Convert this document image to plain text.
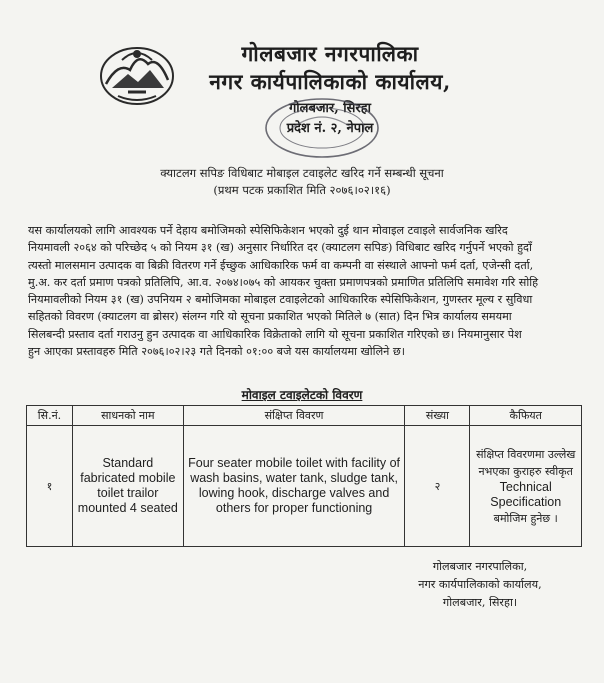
गोलबजार नगरपालिका
नगर कार्यपालिकाको कार्यालय,
गोलबजार, सिरहा
प्रदेश नं. २, नेपाल
क्याटलग सपिङ विधिबाट मोबाइल टवाइलेट खरिद गर्ने सम्बन्धी सूचना
(प्रथम पटक प्रकाशित मिति २०७६।०२।१६)
यस कार्यालयको लागि आवश्यक पर्ने देहाय बमोजिमको स्पेसिफिकेशन भएको दुई थान मोवाइल टवाइले सार्वजनिक खरिद
नियमावली २०६४ को परिच्छेद ५ को नियम ३१ (ख) अनुसार निर्धारित दर (क्याटलग सपिङ) विधिबाट खरिद गर्नुपर्ने भएको हुदाँ
त्यस्तो मालसमान उत्पादक वा बिक्री वितरण गर्ने ईच्छुक आधिकारिक फर्म वा कम्पनी वा संस्थाले आफ्नो फर्म दर्ता, एजेन्सी दर्ता,
मु.अ. कर दर्ता प्रमाण पत्रको प्रतिलिपि, आ.व. २०७४।०७५ को आयकर चुक्ता प्रमाणपत्रको प्रमाणित प्रतिलिपि समावेश गरि सोहि
नियमावलीको नियम ३१ (ख) उपनियम २ बमोजिमका मोबाइल टवाइलेटको आधिकारिक स्पेसिफिकेशन, गुणस्तर मूल्य र सुविधा
सहितको विवरण (क्याटलग वा ब्रोसर) संलग्न गरि यो सूचना प्रकाशित भएको मितिले ७ (सात) दिन भित्र कार्यालय समयमा
सिलबन्दी प्रस्ताव दर्ता गराउनु हुन उत्पादक वा आधिकारिक विक्रेताको लागि यो सूचना प्रकाशित गरिएको छ। नियमानुसार पेश
हुन आएका प्रस्तावहरु मिति २०७६।०२।२३ गते दिनको ०१:०० बजे यस कार्यालयमा खोलिने छ।
मोवाइल टवाइलेटको विवरण
सि.नं.	साधनको नाम	संक्षिप्त विवरण	संख्या	कैफियत
१	Standard fabricated mobile toilet trailor mounted 4 seated	Four seater mobile toilet with facility of wash basins, water tank, sludge tank, lowing hook, discharge valves and others for proper functioning	२	संक्षिप्त विवरणमा उल्लेख नभएका कुराहरु स्वीकृत
Technical Specification
बमोजिम हुनेछ ।
गोलबजार नगरपालिका,
नगर कार्यपालिकाको कार्यालय,
गोलबजार, सिरहा।
